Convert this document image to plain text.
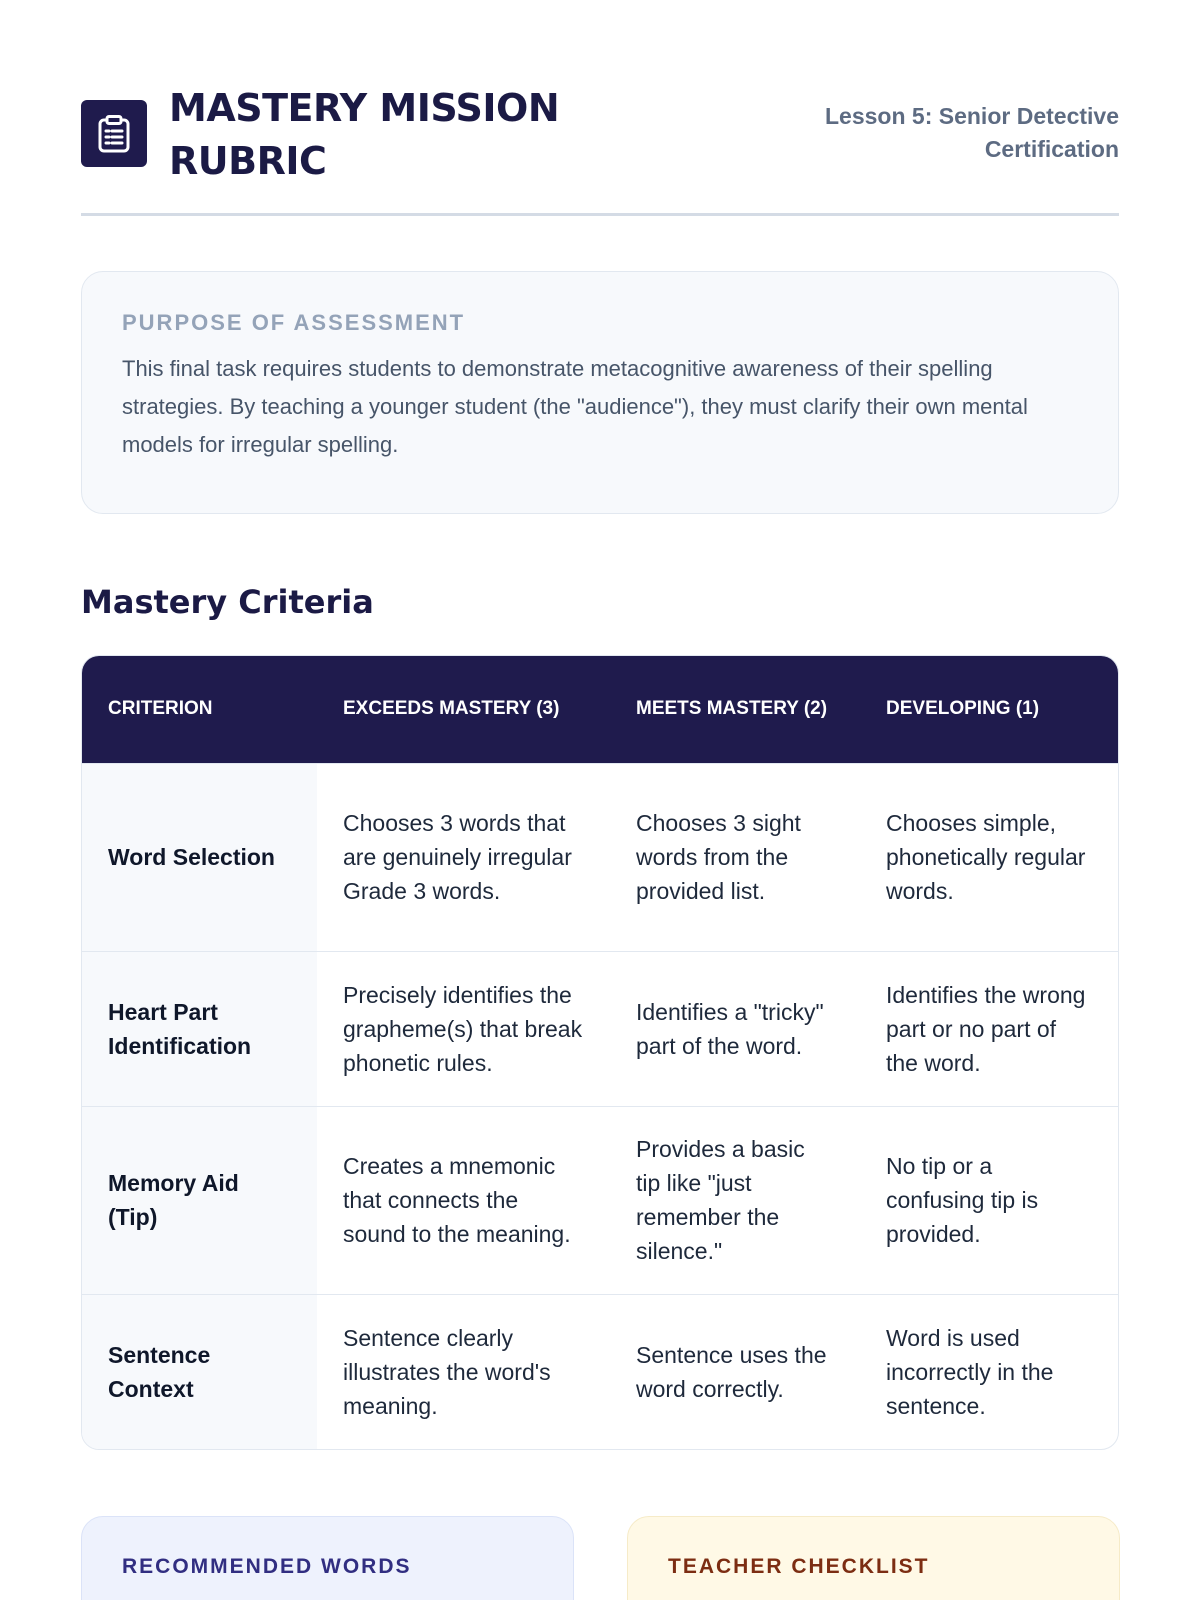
MASTERY MISSION RUBRIC
Lesson 5: Senior Detective Certification
PURPOSE OF ASSESSMENT

This final task requires students to demonstrate metacognitive awareness of their spelling strategies. By teaching a younger student (the "audience"), they must clarify their own mental models for irregular spelling.

Mastery Criteria
CRITERION	EXCEEDS MASTERY (3)	MEETS MASTERY (2)	DEVELOPING (1)
Word Selection	Chooses 3 words that are genuinely irregular Grade 3 words.	Chooses 3 sight words from the provided list.	Chooses simple, phonetically regular words.
Heart Part Identification	Precisely identifies the grapheme(s) that break phonetic rules.	Identifies a "tricky" part of the word.	Identifies the wrong part or no part of the word.
Memory Aid (Tip)	Creates a mnemonic that connects the sound to the meaning.	Provides a basic tip like "just remember the silence."	No tip or a confusing tip is provided.
Sentence Context	Sentence clearly illustrates the word's meaning.	Sentence uses the word correctly.	Word is used incorrectly in the sentence.
RECOMMENDED WORDS	TEACHER CHECKLIST
